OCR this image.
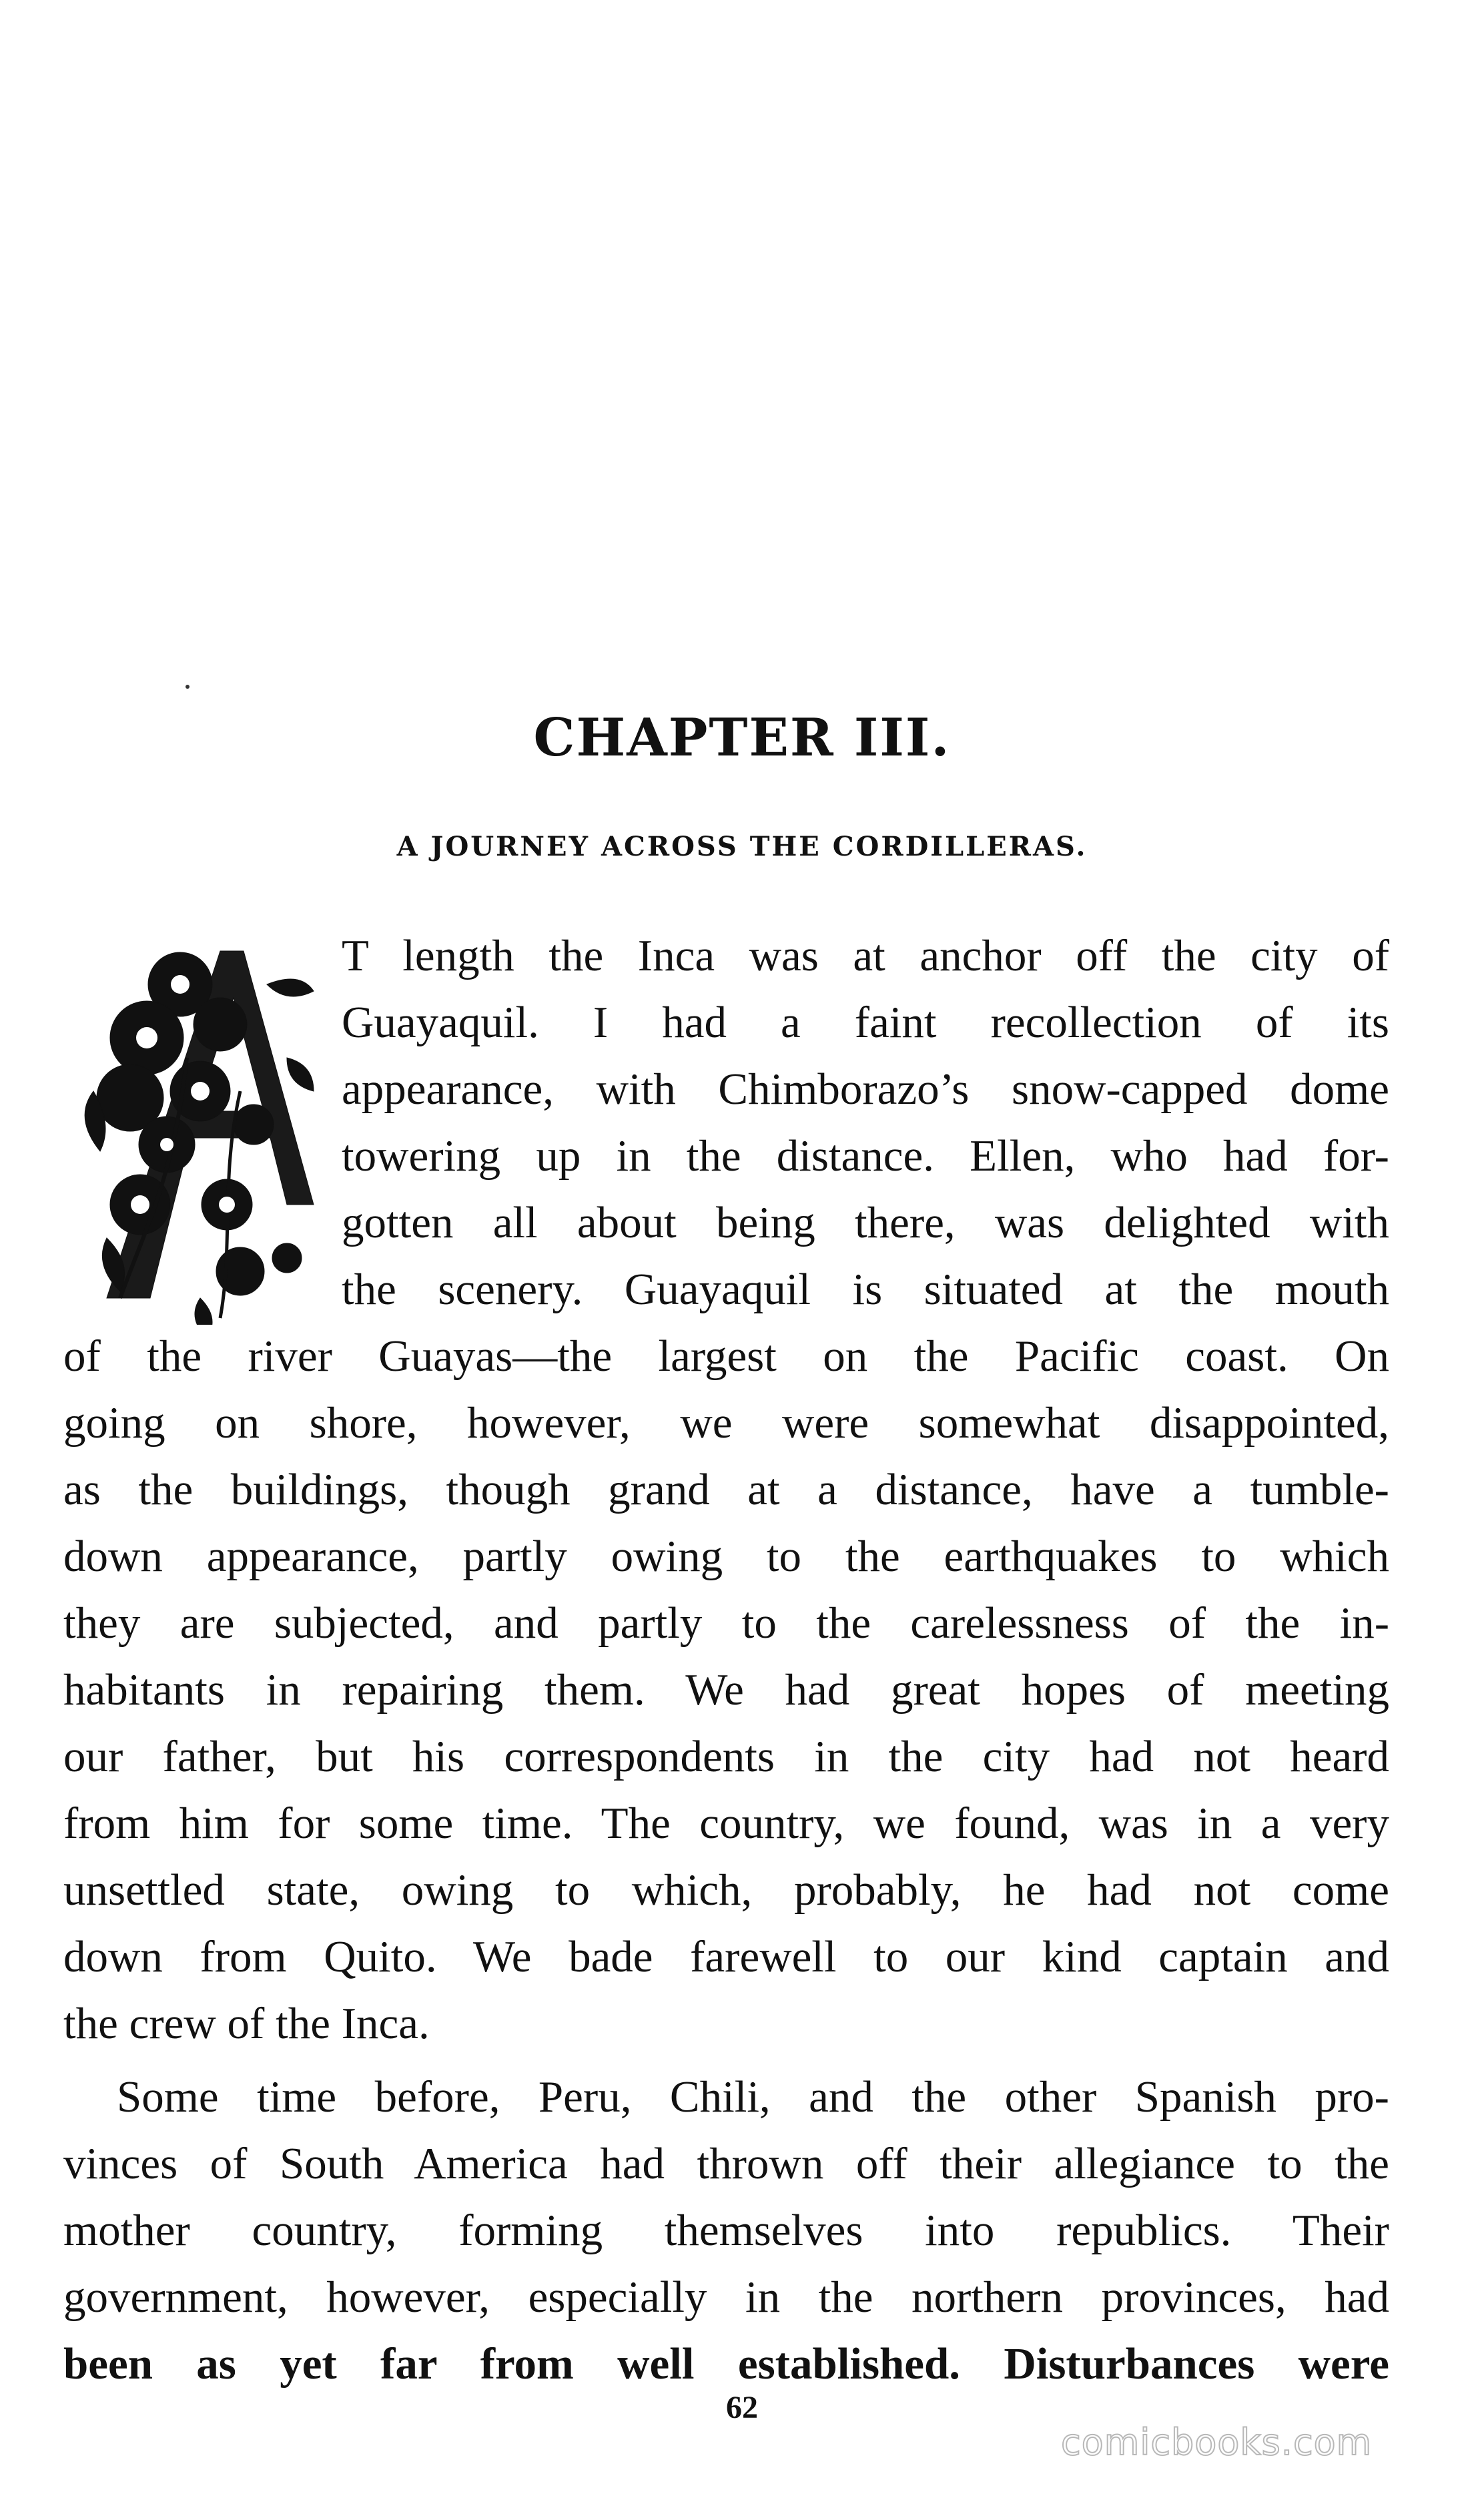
CHAPTER III.
A JOURNEY ACROSS THE CORDILLERAS.
T length the Inca was at anchor off the city of
Guayaquil. I had a faint recollection of its
appearance, with Chimborazo’s snow-capped dome
towering up in the distance. Ellen, who had for-
gotten all about being there, was delighted with
the scenery. Guayaquil is situated at the mouth
of the river Guayas—the largest on the Pacific coast. On
going on shore, however, we were somewhat disappointed,
as the buildings, though grand at a distance, have a tumble-
down appearance, partly owing to the earthquakes to which
they are subjected, and partly to the carelessness of the in-
habitants in repairing them. We had great hopes of meeting
our father, but his correspondents in the city had not heard
from him for some time. The country, we found, was in a very
unsettled state, owing to which, probably, he had not come
down from Quito. We bade farewell to our kind captain and
the crew of the Inca.
Some time before, Peru, Chili, and the other Spanish pro-
vinces of South America had thrown off their allegiance to the
mother country, forming themselves into republics. Their
government, however, especially in the northern provinces, had
been as yet far from well established. Disturbances were
62
comicbooks.com
